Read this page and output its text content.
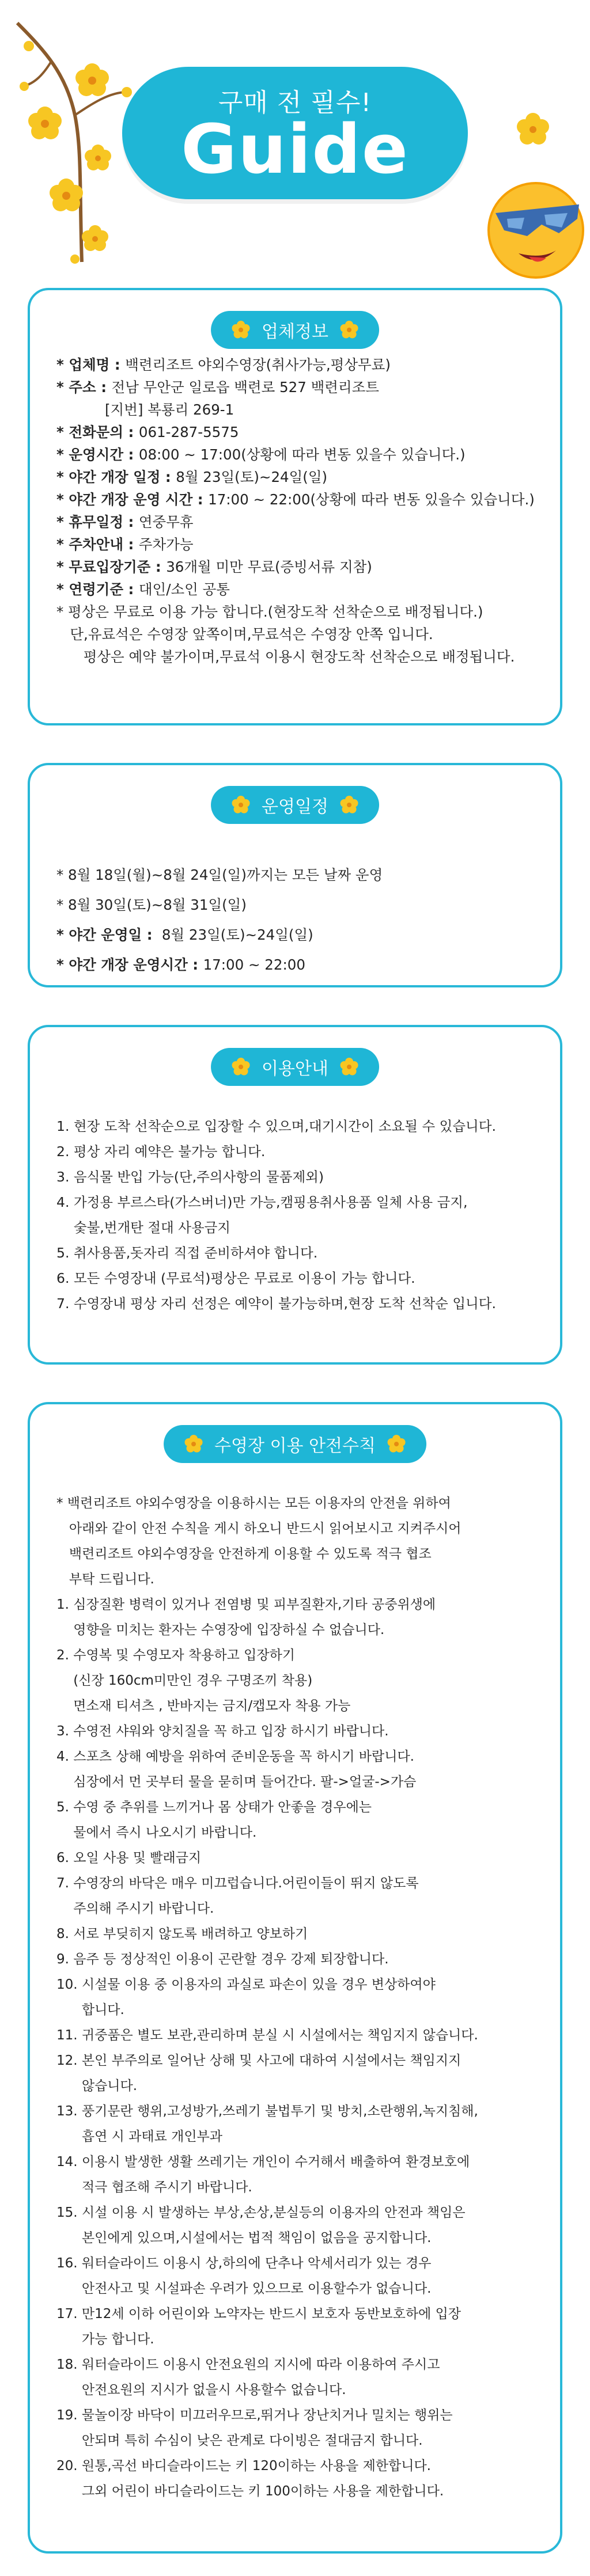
구매 전 필수!
Guide
업체정보
* 업체명 : 백련리조트 야외수영장(취사가능,평상무료)
* 주소 : 전남 무안군 일로읍 백련로 527 백련리조트
[지번] 복룡리 269-1
* 전화문의 : 061-287-5575
* 운영시간 : 08:00 ~ 17:00(상황에 따라 변동 있을수 있습니다.)
* 야간 개장 일정 : 8월 23일(토)~24일(일)
* 야간 개장 운영 시간 : 17:00 ~ 22:00(상황에 따라 변동 있을수 있습니다.)
* 휴무일정 : 연중무휴
* 주차안내 : 주차가능
* 무료입장기준 : 36개월 미만 무료(증빙서류 지참)
* 연령기준 : 대인/소인 공통
* 평상은 무료로 이용 가능 합니다.(현장도착 선착순으로 배정됩니다.)
단,유료석은 수영장 앞쪽이며,무료석은 수영장 안쪽 입니다.
평상은 예약 불가이며,무료석 이용시 현장도착 선착순으로 배정됩니다.
운영일정
* 8월 18일(월)~8월 24일(일)까지는 모든 날짜 운영
* 8월 30일(토)~8월 31일(일)
* 야간 운영일 :  8월 23일(토)~24일(일)
* 야간 개장 운영시간 : 17:00 ~ 22:00
이용안내
1. 현장 도착 선착순으로 입장할 수 있으며,대기시간이 소요될 수 있습니다.
2. 평상 자리 예약은 불가능 합니다.
3. 음식물 반입 가능(단,주의사항의 물품제외)
4. 가정용 부르스타(가스버너)만 가능,캠핑용취사용품 일체 사용 금지,
숯불,번개탄 절대 사용금지
5. 취사용품,돗자리 직접 준비하셔야 합니다.
6. 모든 수영장내 (무료석)평상은 무료로 이용이 가능 합니다.
7. 수영장내 평상 자리 선정은 예약이 불가능하며,현장 도착 선착순 입니다.
수영장 이용 안전수칙
* 백련리조트 야외수영장을 이용하시는 모든 이용자의 안전을 위하여
아래와 같이 안전 수칙을 게시 하오니 반드시 읽어보시고 지켜주시어
백련리조트 야외수영장을 안전하게 이용할 수 있도록 적극 협조
부탁 드립니다.
1. 심장질환 병력이 있거나 전염병 및 피부질환자,기타 공중위생에
영향을 미치는 환자는 수영장에 입장하실 수 없습니다.
2. 수영복 및 수영모자 착용하고 입장하기
(신장 160cm미만인 경우 구명조끼 착용)
면소재 티셔츠 , 반바지는 금지/캡모자 착용 가능
3. 수영전 샤워와 양치질을 꼭 하고 입장 하시기 바랍니다.
4. 스포츠 상해 예방을 위하여 준비운동을 꼭 하시기 바랍니다.
심장에서 먼 곳부터 물을 묻히며 들어간다. 팔->얼굴->가슴
5. 수영 중 추위를 느끼거나 몸 상태가 안좋을 경우에는
물에서 즉시 나오시기 바랍니다.
6. 오일 사용 및 빨래금지
7. 수영장의 바닥은 매우 미끄럽습니다.어린이들이 뛰지 않도록
주의해 주시기 바랍니다.
8. 서로 부딪히지 않도록 배려하고 양보하기
9. 음주 등 정상적인 이용이 곤란할 경우 강제 퇴장합니다.
10. 시설물 이용 중 이용자의 과실로 파손이 있을 경우 변상하여야
합니다.
11. 귀중품은 별도 보관,관리하며 분실 시 시설에서는 책임지지 않습니다.
12. 본인 부주의로 일어난 상해 및 사고에 대하여 시설에서는 책임지지
않습니다.
13. 풍기문란 행위,고성방가,쓰레기 불법투기 및 방치,소란행위,녹지침해,
흡연 시 과태료 개인부과
14. 이용시 발생한 생활 쓰레기는 개인이 수거해서 배출하여 환경보호에
적극 협조해 주시기 바랍니다.
15. 시설 이용 시 발생하는 부상,손상,분실등의 이용자의 안전과 책임은
본인에게 있으며,시설에서는 법적 책임이 없음을 공지합니다.
16. 워터슬라이드 이용시 상,하의에 단추나 악세서리가 있는 경우
안전사고 및 시설파손 우려가 있으므로 이용할수가 없습니다.
17. 만12세 이하 어린이와 노약자는 반드시 보호자 동반보호하에 입장
가능 합니다.
18. 워터슬라이드 이용시 안전요원의 지시에 따라 이용하여 주시고
안전요원의 지시가 없을시 사용할수 없습니다.
19. 물놀이장 바닥이 미끄러우므로,뛰거나 장난치거나 밀치는 행위는
안되며 특히 수심이 낮은 관계로 다이빙은 절대금지 합니다.
20. 원통,곡선 바디슬라이드는 키 120이하는 사용을 제한합니다.
그외 어린이 바디슬라이드는 키 100이하는 사용을 제한합니다.
